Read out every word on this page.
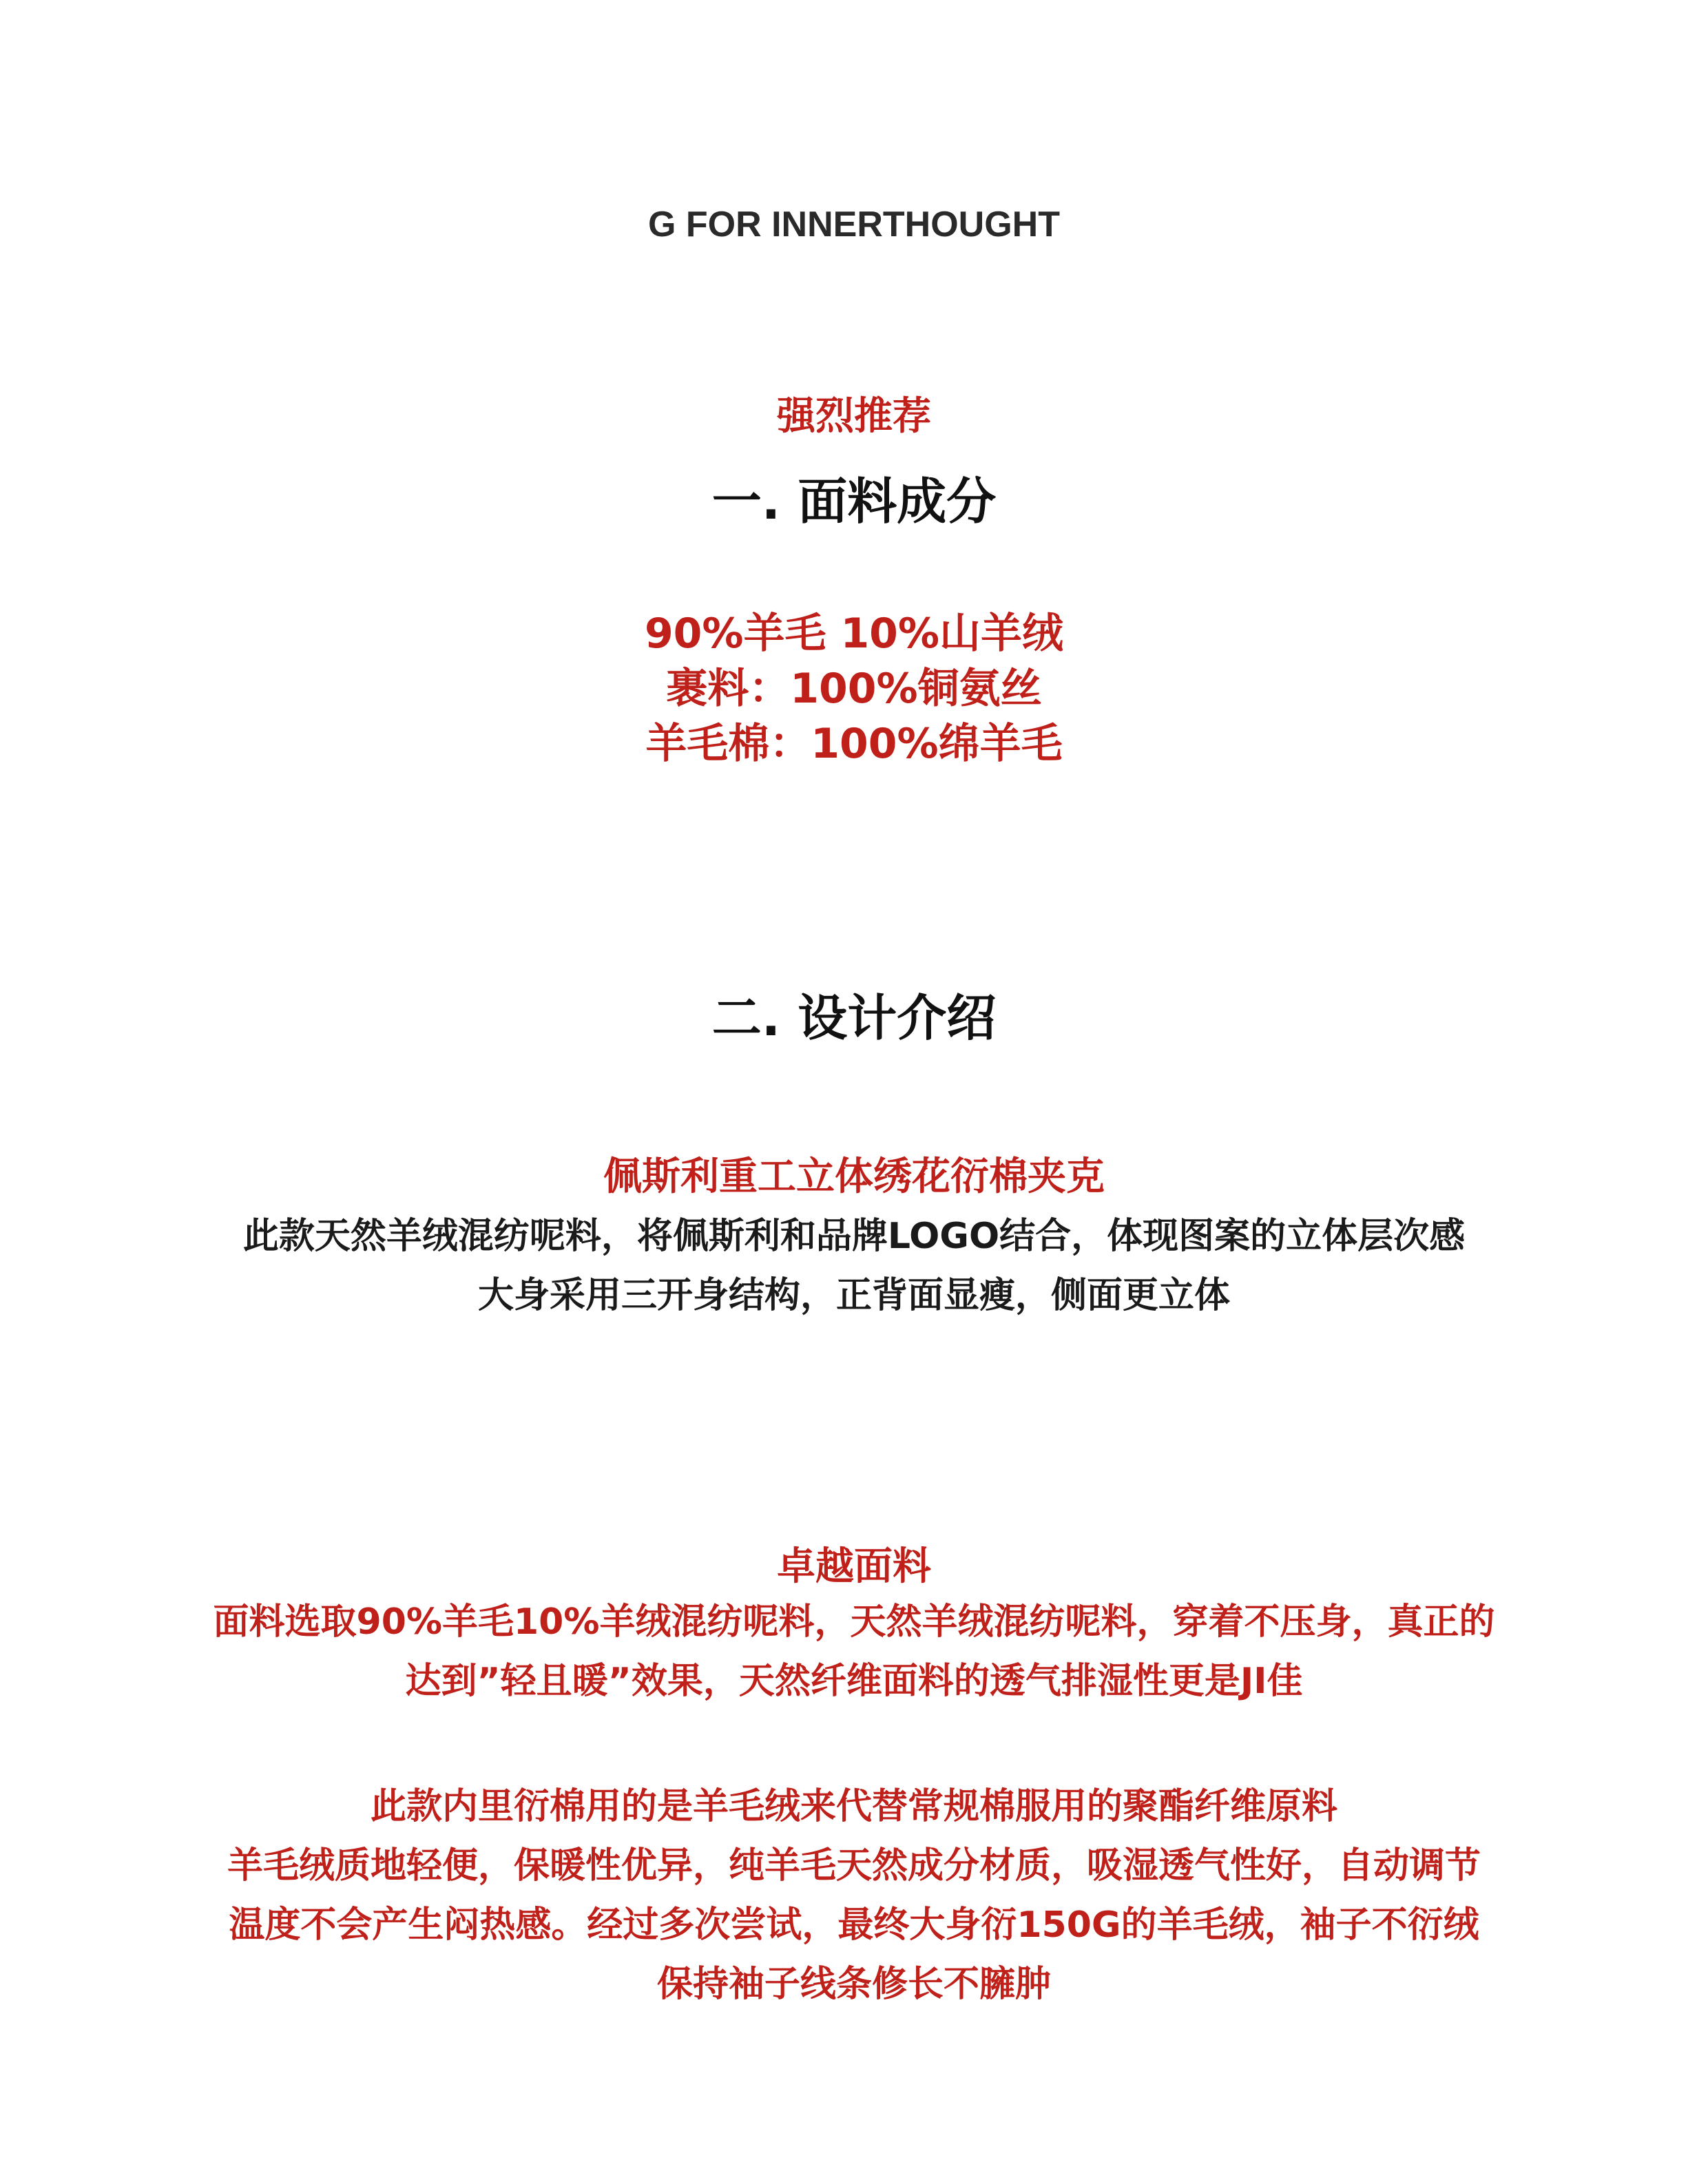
G FOR INNERTHOUGHT

强烈推荐

一. 面料成分

90%羊毛 10%山羊绒

裹料：100%铜氨丝

羊毛棉：100%绵羊毛

二. 设计介绍

佩斯利重工立体绣花衍棉夹克

此款天然羊绒混纺呢料，将佩斯利和品牌LOGO结合，体现图案的立体层次感

大身采用三开身结构，正背面显瘦，侧面更立体

卓越面料

面料选取90%羊毛10%羊绒混纺呢料，天然羊绒混纺呢料，穿着不压身，真正的

达到”轻且暖”效果，天然纤维面料的透气排湿性更是JI佳

此款内里衍棉用的是羊毛绒来代替常规棉服用的聚酯纤维原料

羊毛绒质地轻便，保暖性优异，纯羊毛天然成分材质，吸湿透气性好，自动调节

温度不会产生闷热感。经过多次尝试，最终大身衍150G的羊毛绒，袖子不衍绒

保持袖子线条修长不臃肿
